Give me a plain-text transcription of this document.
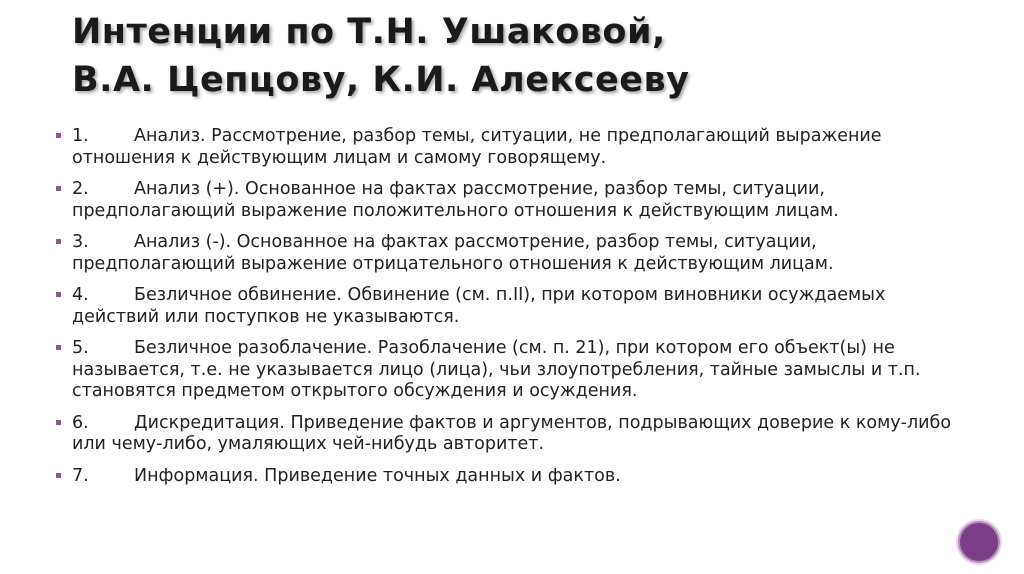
Интенции по Т.Н. Ушаковой,
В.А. Цепцову, К.И. Алексееву
1.	Анализ. Рассмотрение, разбор темы, ситуации, не предполагающий выражение отношения к действующим лицам и самому говорящему.
2.	Анализ (+). Основанное на фактах рассмотрение, разбор темы, ситуации, предполагающий выражение положительного отношения к действующим лицам.
3.	Анализ (-). Основанное на фактах рассмотрение, разбор темы, ситуации, предполагающий выражение отрицательного отношения к действующим лицам.
4.	Безличное обвинение. Обвинение (см. п.II), при котором виновники осуждаемых действий или поступков не указываются.
5.	Безличное разоблачение. Разоблачение (см. п. 21), при котором его объект(ы) не называется, т.е. не указывается лицо (лица), чьи злоупотребления, тайные замыслы и т.п. становятся предметом открытого обсуждения и осуждения.
6.	Дискредитация. Приведение фактов и аргументов, подрывающих доверие к кому-либо или чему-либо, умаляющих чей-нибудь авторитет.
7.	Информация. Приведение точных данных и фактов.
